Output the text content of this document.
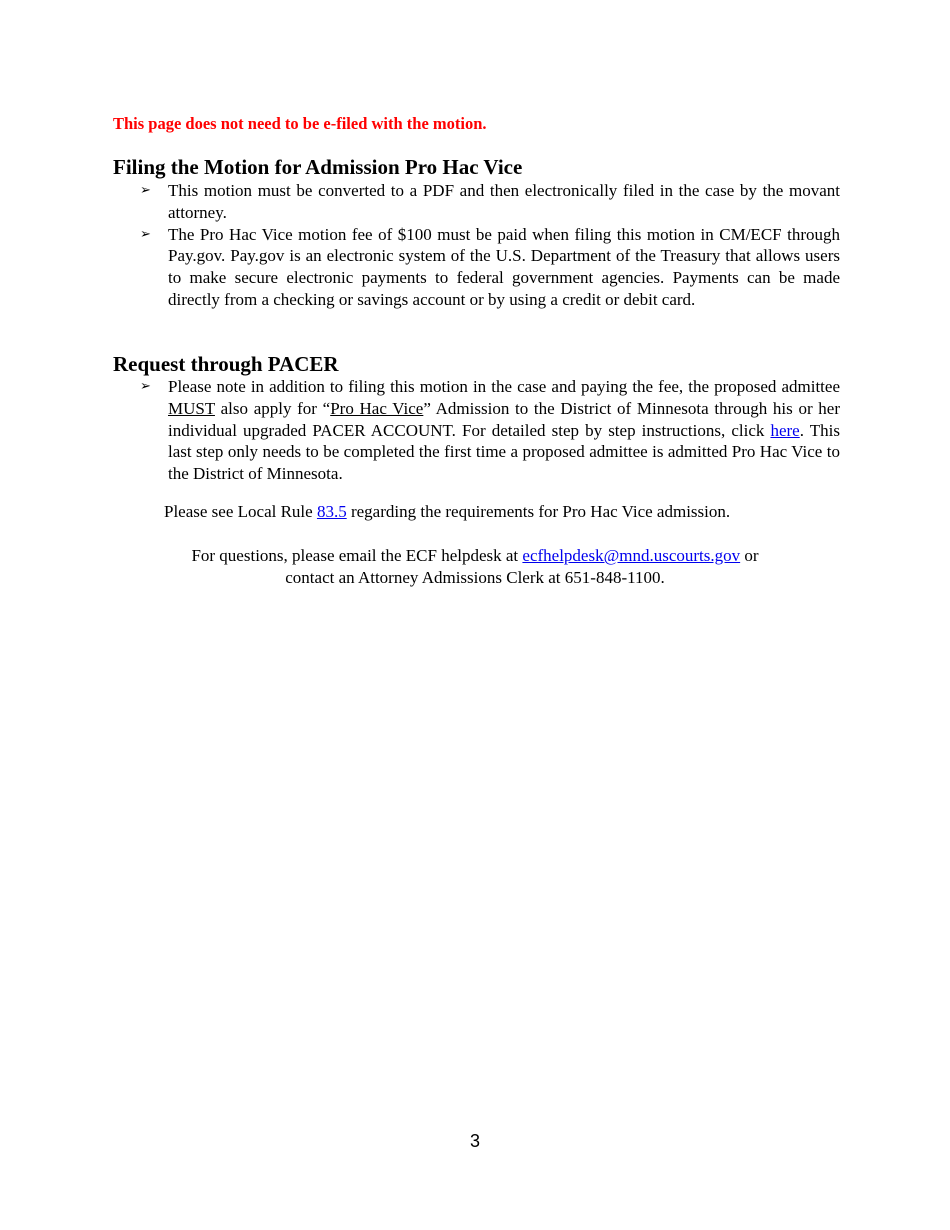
This page does not need to be e-filed with the motion.
Filing the Motion for Admission Pro Hac Vice
➢	This motion must be converted to a PDF and then electronically filed in the case by the movant attorney.
➢	The Pro Hac Vice motion fee of $100 must be paid when filing this motion in CM/ECF through Pay.gov. Pay.gov is an electronic system of the U.S. Department of the Treasury that allows users to make secure electronic payments to federal government agencies. Payments can be made directly from a checking or savings account or by using a credit or debit card.
Request through PACER
➢	Please note in addition to filing this motion in the case and paying the fee, the proposed admittee MUST also apply for “Pro Hac Vice” Admission to the District of Minnesota through his or her individual upgraded PACER ACCOUNT. For detailed step by step instructions, click here. This last step only needs to be completed the first time a proposed admittee is admitted Pro Hac Vice to the District of Minnesota.
Please see Local Rule 83.5 regarding the requirements for Pro Hac Vice admission.
For questions, please email the ECF helpdesk at ecfhelpdesk@mnd.uscourts.gov or
contact an Attorney Admissions Clerk at 651-848-1100.
3
